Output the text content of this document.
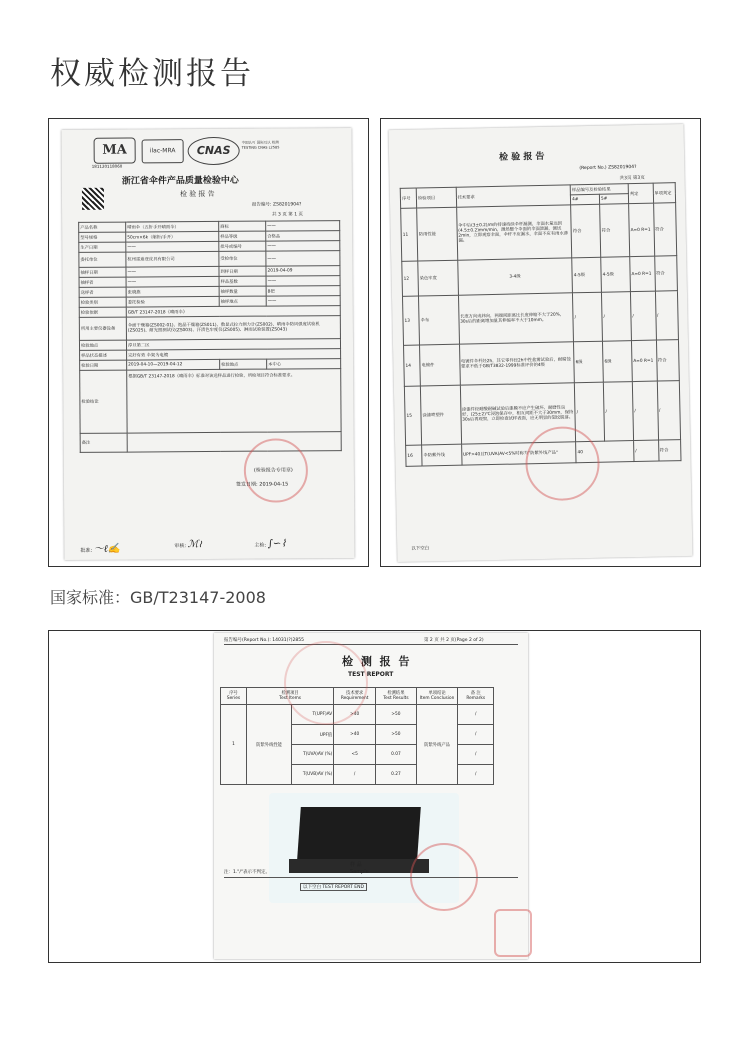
权威检测报告
MA
181120118060
ilac-MRA	CNAS
中国认可 国际互认 检测 TESTING CNAS L2585
浙江省伞件产品质量检验中心
检 验 报 告
报告编号: ZS8201904?
共 3 页 第 1 页
产品名称	晴雨伞（五折手开晴雨伞）	商标	——
型号规格	50cm×6k（缩折/手开）	样品等级	合格品
生产日期	——	批号或编号	——
委托单位	杭州雷迪登皮具有限公司	受检单位	——
抽样日期	——	到样日期	2019-04-09
抽样者	——	样品基数	——
送样者	张晓燕	抽样数量	8把
检验类别	委托检验	抽样地点	——
检验依据	GB/T 23147-2018《晴雨伞》		
所用主要仪器设备	伞面干燥箱(ZS002-01)、饱晶干燥箱(ZS011)、数显式拉力测力计(ZS002)、晴雨伞防风强度试验机(ZS025)、耐光照测试仪(ZS003)、汗渍色牢度仪(ZS005)、淋雨试验装置(ZS043)		
检验地点	淳旦第二区		
样品状态描述	完好有效 伞架为电镀		
检验日期	2019-04-10—2019-04-12	检验地点	本中心
检验结论	根据GB/T 23147-2018《晴雨伞》标准对该送样品进行检验，所检项目符合标准要求。		
备注			
(检验报告专用章)
签发日期: 2019-04-15
批准: ～ℓ✍	审核: ℳ≀	主检: ∫∽⌇
检 验 报 告
(Report No.) ZS8201904?
共3页 第3页
序号	检验项目	技术要求	样品编号及检验结果		判定	单项判定
			4#	5#		
11	防雨性能	伞中后(3±0.2)/m的持速持续伞杆漏测，伞面水量达到(4.5±0.2)mm/min，测然整个伞面的伞面泄漏，测试2min，立即观察伞面，伞杆不应漏水，伞面不应有雨水渗漏。	符合	符合	A=0 R=1	符合
12	染色牢度	3-4级	4-5级	4-5级	A=0 R=1	符合
13	伞布	长度方向或纬向，两端间距离比长度伸缩不大于20%，30s后的距离增加量其伸缩率不大于10mm。	/	/	/	/
14	电镀件	电镀件伞杆经2h，其它零件经2h中性盐雾试验后，耐腐蚀要求不低于GB/T3832-1999标准评价的4级	6级	6级	A=0 R=1	符合
15	涂漆喷塑件	涂漆件经耐酸耐碱试验后漆膜不应产生破坏、耐磨性良好，(25±2)℃浸泡保存中，相互间距不大于30mm，保持30s后再观察，立即检查试样表面，应无明显的裂纹脱落。	/	/	/	/
16	伞防紫外线	UPF>40且T(UVA)AV<5%时称为"防紫外线产品"	40		/	符合
以下空白
国家标准：GB/T23147-2008
报告编号(Report No.): 14031(?)2855	第 2 页 共 2 页(Page 2 of 2)
检 测 报 告
TEST REPORT
序号
Series	检测项目
Test Items		技术要求
Requirement	检测结果
Test Results	单项结论
Item Conclusion	备 注
Remarks
1	防紫外线性能	T(UPF)AV	>40	>50	防紫外线产品	/
		UPF值	>40	>50		/
		T(UVA)AV (%)	<5	0.07		/
		T(UVB)AV (%)	/	0.27		/
样 品
Sample
注：1."/"表示不判定。
以下空白 TEST REPORT END
